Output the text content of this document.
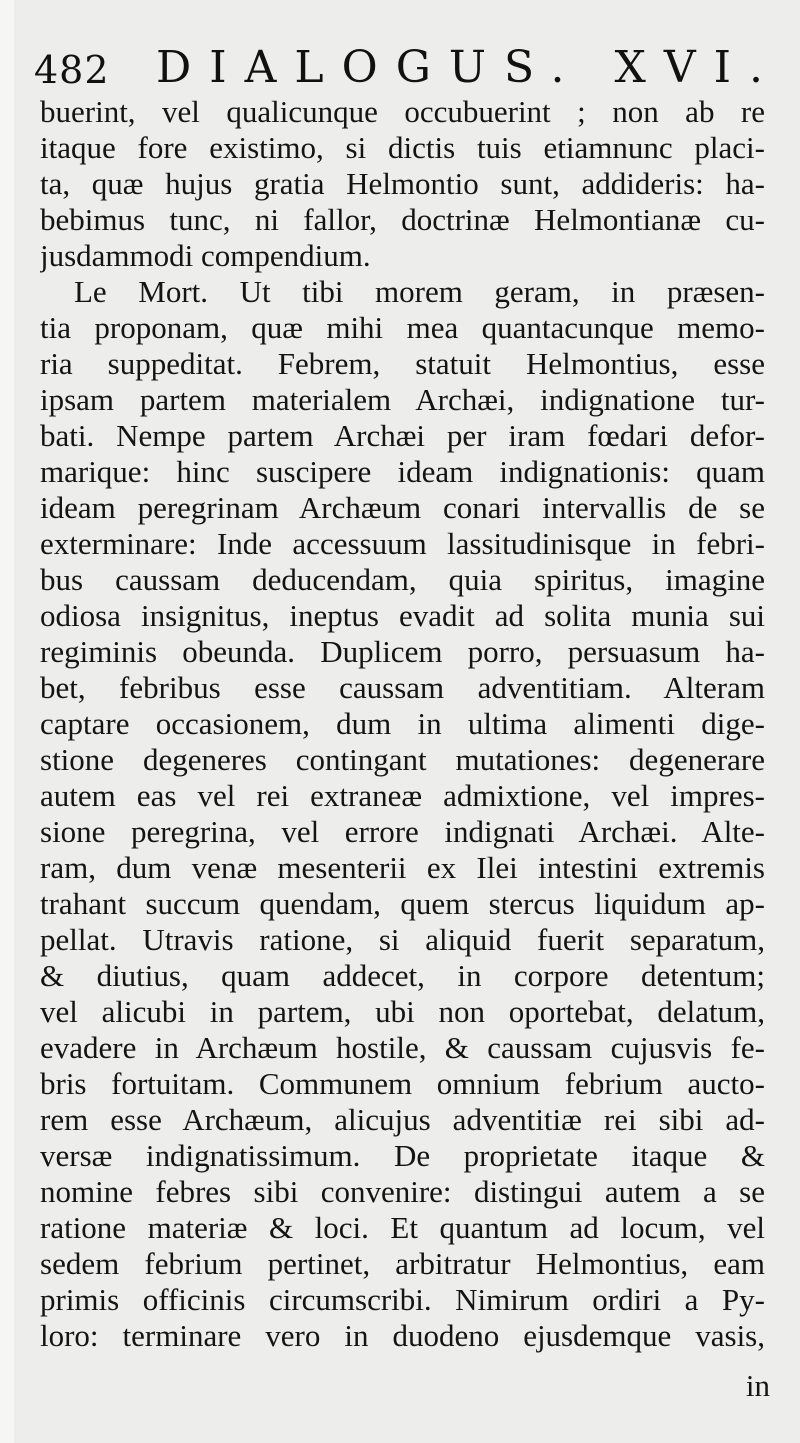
482 DIALOGUS. XVI.
buerint, vel qualicunque occubuerint ; non ab re
itaque fore existimo, si dictis tuis etiamnunc placi-
ta, quæ hujus gratia Helmontio sunt, addideris: ha-
bebimus tunc, ni fallor, doctrinæ Helmontianæ cu-
jusdammodi compendium.
Le Mort. Ut tibi morem geram, in præsen-
tia proponam, quæ mihi mea quantacunque memo-
ria suppeditat. Febrem, statuit Helmontius, esse
ipsam partem materialem Archæi, indignatione tur-
bati. Nempe partem Archæi per iram fœdari defor-
marique: hinc suscipere ideam indignationis: quam
ideam peregrinam Archæum conari intervallis de se
exterminare: Inde accessuum lassitudinisque in febri-
bus caussam deducendam, quia spiritus, imagine
odiosa insignitus, ineptus evadit ad solita munia sui
regiminis obeunda. Duplicem porro, persuasum ha-
bet, febribus esse caussam adventitiam. Alteram
captare occasionem, dum in ultima alimenti dige-
stione degeneres contingant mutationes: degenerare
autem eas vel rei extraneæ admixtione, vel impres-
sione peregrina, vel errore indignati Archæi. Alte-
ram, dum venæ mesenterii ex Ilei intestini extremis
trahant succum quendam, quem stercus liquidum ap-
pellat. Utravis ratione, si aliquid fuerit separatum,
& diutius, quam addecet, in corpore detentum;
vel alicubi in partem, ubi non oportebat, delatum,
evadere in Archæum hostile, & caussam cujusvis fe-
bris fortuitam. Communem omnium febrium aucto-
rem esse Archæum, alicujus adventitiæ rei sibi ad-
versæ indignatissimum. De proprietate itaque &
nomine febres sibi convenire: distingui autem a se
ratione materiæ & loci. Et quantum ad locum, vel
sedem febrium pertinet, arbitratur Helmontius, eam
primis officinis circumscribi. Nimirum ordiri a Py-
loro: terminare vero in duodeno ejusdemque vasis,
in
